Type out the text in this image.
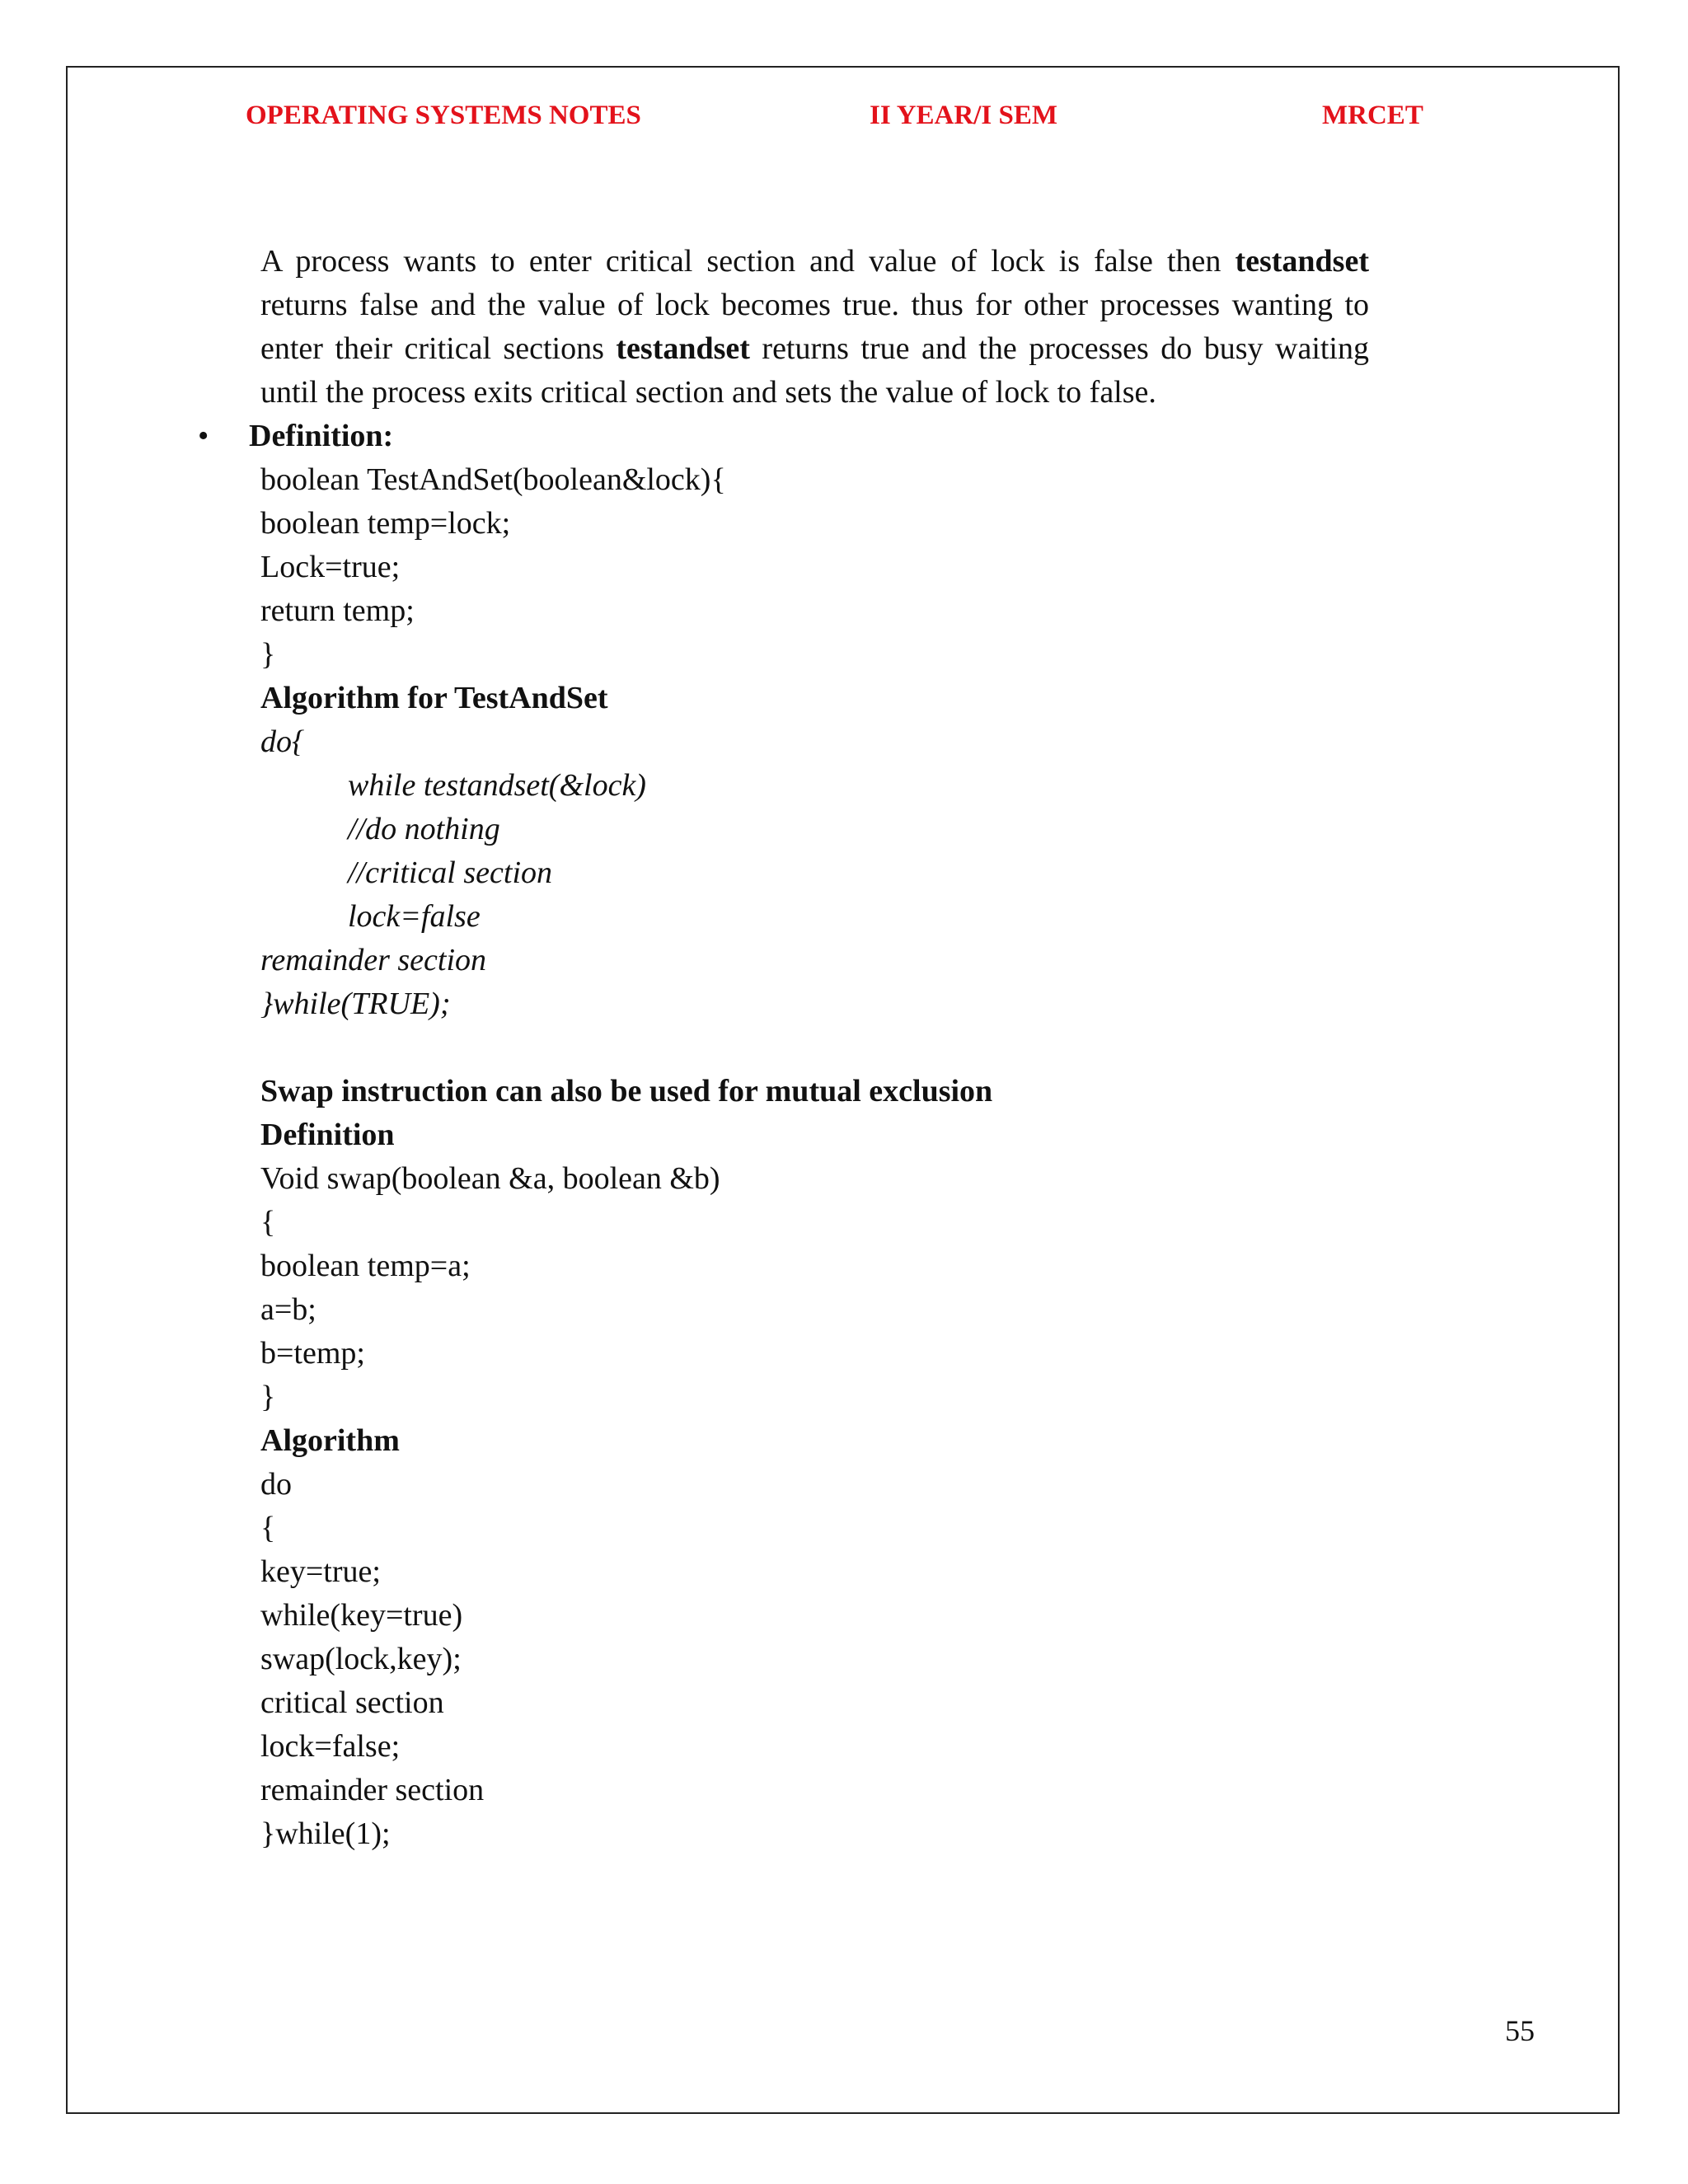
OPERATING SYSTEMS NOTES	II YEAR/I SEM	MRCET

A process wants to enter critical section and value of lock is false then testandset returns false and the value of lock becomes true. thus for other processes wanting to enter their critical sections testandset returns true and the processes do busy waiting until the process exits critical section and sets the value of lock to false.

• Definition:
boolean TestAndSet(boolean&lock){
boolean temp=lock;
Lock=true;
return temp;
}
Algorithm for TestAndSet
do{
while testandset(&lock)
//do nothing
//critical section
lock=false
remainder section
}while(TRUE);
Swap instruction can also be used for mutual exclusion
Definition
Void swap(boolean &a, boolean &b)
{
boolean temp=a;
a=b;
b=temp;
}
Algorithm
do
{
key=true;
while(key=true)
swap(lock,key);
critical section
lock=false;
remainder section
}while(1);
55
